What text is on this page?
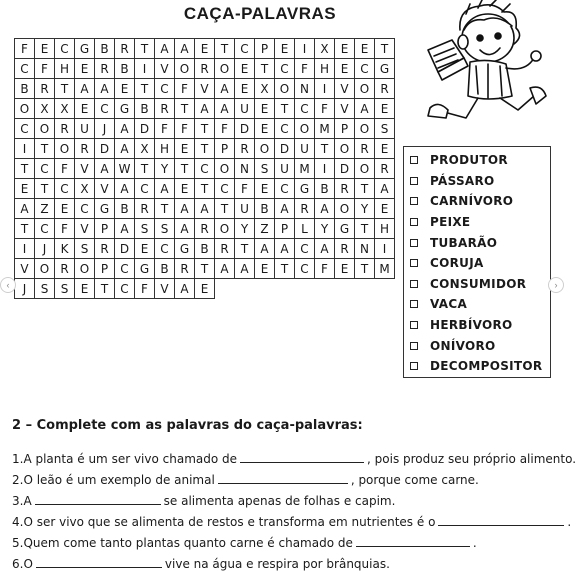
CAÇA-PALAVRAS
F	E	C G B R	T	A A	E	T	C	P	E	I	X	E	E	T
C	F	H E	R B	I	V O R O E	T	C	F	H E	C G
B R	T	A A	E	T	C	F	V A	E	X O N	I	V O R
O X X	E	C G B R	T	A A U E	T	C	F	V A	E
C O R U	J	A D F	F	T	F D E	C O M P O S
I	T O R D A X H E	T	P	R O D U T O R	E
T	C	F	V A W T	Y	T	C O N S U M	I	D O R
E	T	C X V A C A	E	T	C	F	E	C G B R	T	A
A Z	E	C G B R	T	A A	T U B A R A O Y	E
T	C	F	V	P	A	S	S	A R O Y	Z	P	L	Y G T H
I	J	K	S	R D E	C G B R	T	A A C A R N	I
V O R O P	C G B R	T	A A	E	T	C	F	E	T M
J	S	S	E	T	C	F	V A	E
PRODUTOR
PÁSSARO
CARNÍVORO
PEIXE
TUBARÃO
CORUJA
CONSUMIDOR
VACA
HERBÍVORO
ONÍVORO
DECOMPOSITOR
‹	›
2 – Complete com as palavras do caça-palavras:
1.A planta é um ser vivo chamado de	, pois produz seu próprio alimento.
2.O leão é um exemplo de animal	, porque come carne.
3.A	se alimenta apenas de folhas e capim.
4.O ser vivo que se alimenta de restos e transforma em nutrientes é o	.
5.Quem come tanto plantas quanto carne é chamado de	.
6.O	vive na água e respira por brânquias.
